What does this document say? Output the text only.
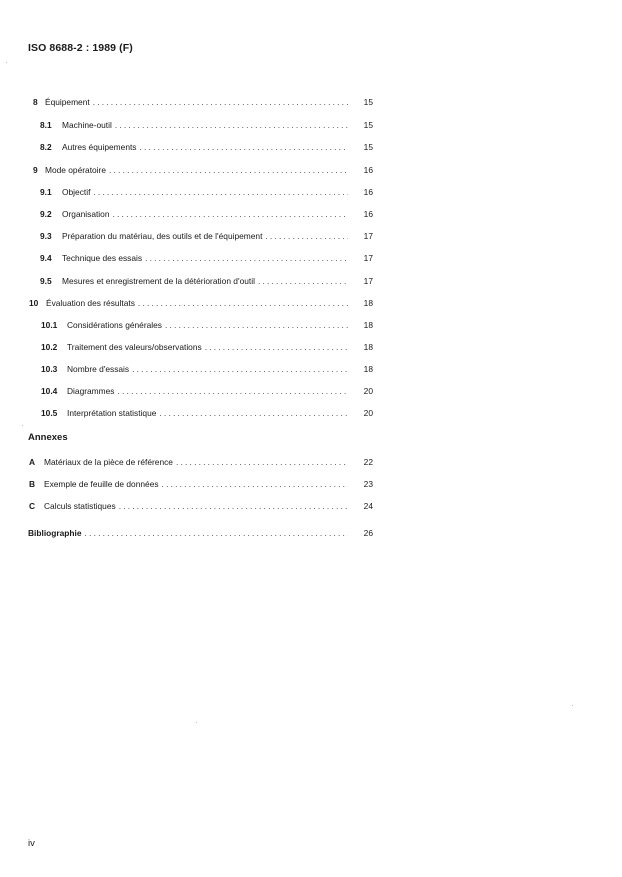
ISO 8688-2 : 1989 (F)
8 Équipement .....	15
8.1	Machine-outil .....	15
8.2	Autres équipements .....	15
9 Mode opératoire .....	16
9.1	Objectif .....	16
9.2	Organisation .....	16
9.3	Préparation du matériau, des outils et de l'équipement .....	17
9.4	Technique des essais .....	17
9.5	Mesures et enregistrement de la détérioration d'outil .....	17
10 Évaluation des résultats .....	18
10.1	Considérations générales .....	18
10.2	Traitement des valeurs/observations .....	18
10.3	Nombre d'essais .....	18
10.4	Diagrammes .....	20
10.5	Interprétation statistique .....	20
Annexes
A	Matériaux de la pièce de référence .....	22
B	Exemple de feuille de données .....	23
C	Calculs statistiques .....	24
Bibliographie .....	26
iv
